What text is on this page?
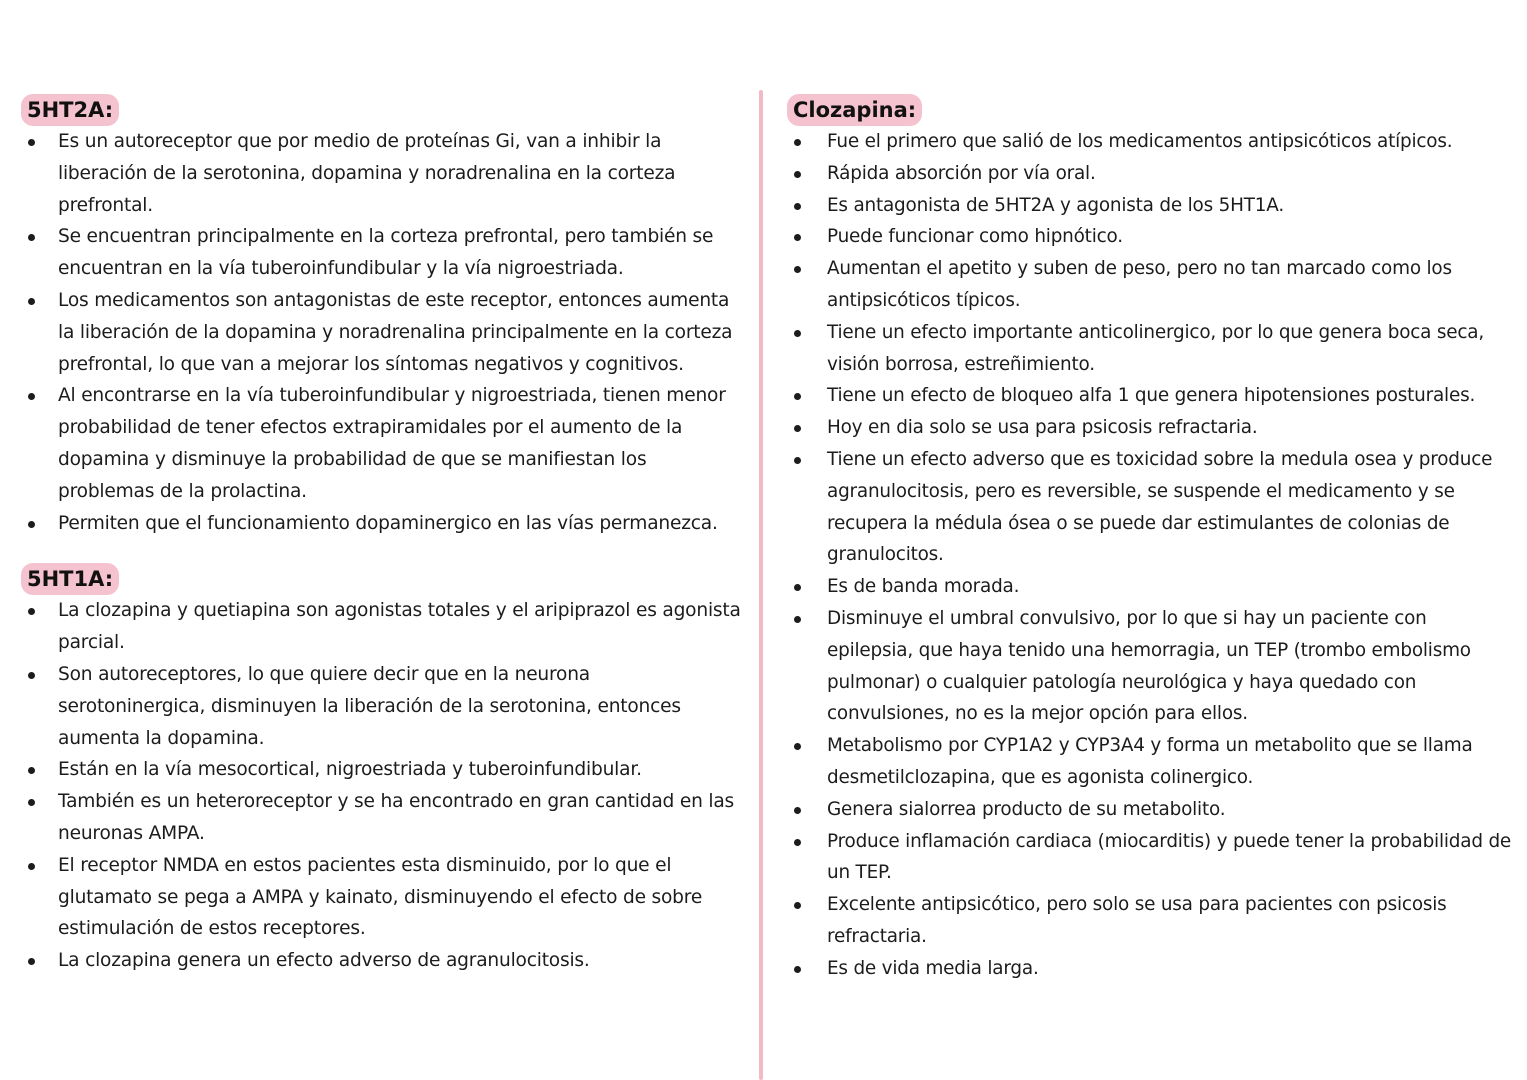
5HT2A:
Es un autoreceptor que por medio de proteínas Gi, van a inhibir la liberación de la serotonina, dopamina y noradrenalina en la corteza prefrontal.
Se encuentran principalmente en la corteza prefrontal, pero también se encuentran en la vía tuberoinfundibular y la vía nigroestriada.
Los medicamentos son antagonistas de este receptor, entonces aumenta la liberación de la dopamina y noradrenalina principalmente en la corteza prefrontal, lo que van a mejorar los síntomas negativos y cognitivos.
Al encontrarse en la vía tuberoinfundibular y nigroestriada, tienen menor probabilidad de tener efectos extrapiramidales por el aumento de la dopamina y disminuye la probabilidad de que se manifiestan los problemas de la prolactina.
Permiten que el funcionamiento dopaminergico en las vías permanezca.
5HT1A:
La clozapina y quetiapina son agonistas totales y el aripiprazol es agonista parcial.
Son autoreceptores, lo que quiere decir que en la neurona serotoninergica, disminuyen la liberación de la serotonina, entonces aumenta la dopamina.
Están en la vía mesocortical, nigroestriada y tuberoinfundibular.
También es un heteroreceptor y se ha encontrado en gran cantidad en las neuronas AMPA.
El receptor NMDA en estos pacientes esta disminuido, por lo que el glutamato se pega a AMPA y kainato, disminuyendo el efecto de sobre estimulación de estos receptores.
La clozapina genera un efecto adverso de agranulocitosis.
Clozapina:
Fue el primero que salió de los medicamentos antipsicóticos atípicos.
Rápida absorción por vía oral.
Es antagonista de 5HT2A y agonista de los 5HT1A.
Puede funcionar como hipnótico.
Aumentan el apetito y suben de peso, pero no tan marcado como los antipsicóticos típicos.
Tiene un efecto importante anticolinergico, por lo que genera boca seca, visión borrosa, estreñimiento.
Tiene un efecto de bloqueo alfa 1 que genera hipotensiones posturales.
Hoy en dia solo se usa para psicosis refractaria.
Tiene un efecto adverso que es toxicidad sobre la medula osea y produce agranulocitosis, pero es reversible, se suspende el medicamento y se recupera la médula ósea o se puede dar estimulantes de colonias de granulocitos.
Es de banda morada.
Disminuye el umbral convulsivo, por lo que si hay un paciente con epilepsia, que haya tenido una hemorragia, un TEP (trombo embolismo pulmonar) o cualquier patología neurológica y haya quedado con convulsiones, no es la mejor opción para ellos.
Metabolismo por CYP1A2 y CYP3A4 y forma un metabolito que se llama desmetilclozapina, que es agonista colinergico.
Genera sialorrea producto de su metabolito.
Produce inflamación cardiaca (miocarditis) y puede tener la probabilidad de un TEP.
Excelente antipsicótico, pero solo se usa para pacientes con psicosis refractaria.
Es de vida media larga.
